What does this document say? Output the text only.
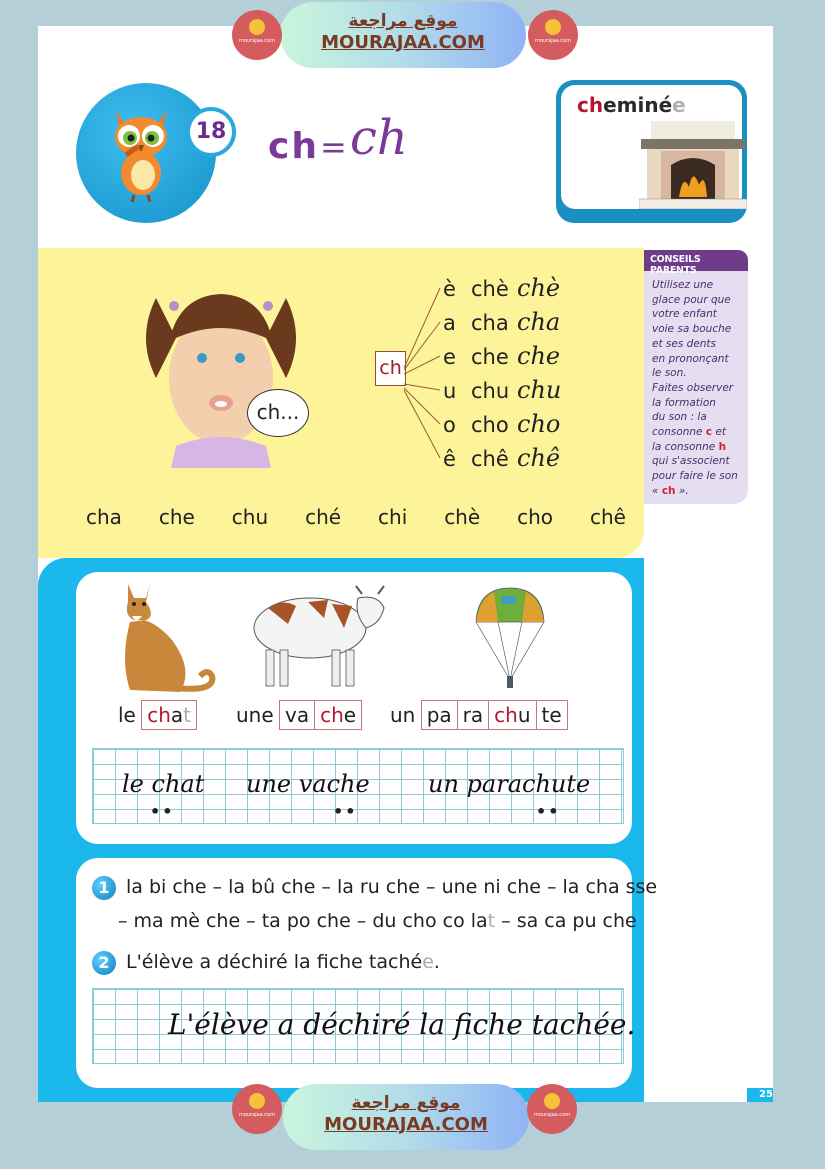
mourajaa.com
موقع مراجعة
MOURAJAA.COM	mourajaa.com
18 ch = ch
cheminée
ch...
ch
è chè chè
a cha cha
e che che
u chu chu
o cho cho
ê chê chê
cha che chu ché chi chè cho chê
CONSEILS PARENTS
Utilisez une
glace pour que
votre enfant
voie sa bouche
et ses dents
en prononçant
le son.
Faites observer
la formation
du son : la
consonne c et
la consonne h
qui s'associent
pour faire le son
« ch ».
le chat	une va che	un pa ra chu te
le chat une vache un parachute
••	••	••
1 la bi che – la bû che – la ru che – une ni che – la cha sse
– ma mè che – ta po che – du cho co lat – sa ca pu che
2 L'élève a déchiré la fiche tachée.
L'élève a déchiré la fiche tachée.
25
mourajaa.com
موقع مراجعة
MOURAJAA.COM	mourajaa.com
